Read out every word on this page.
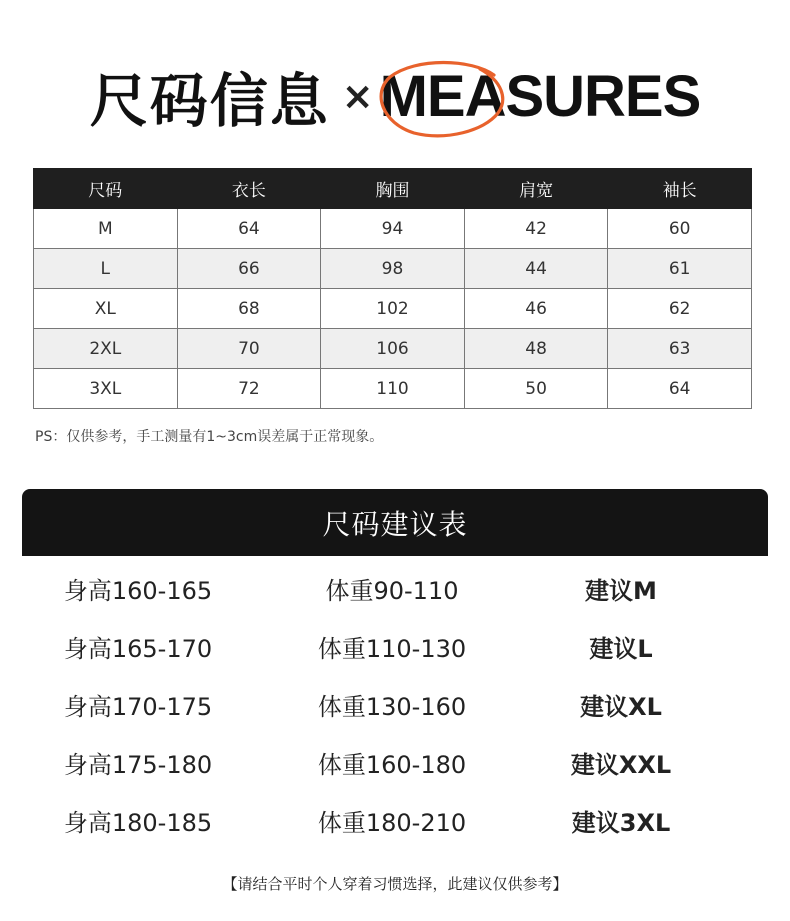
尺码信息 × MEASURES
尺码	衣长	胸围	肩宽	袖长
M	64	94	42	60
L	66	98	44	61
XL	68	102	46	62
2XL	70	106	48	63
3XL	72	110	50	64
PS：仅供参考，手工测量有1~3cm误差属于正常现象。
尺码建议表
身高160-165	体重90-110	建议M
身高165-170	体重110-130	建议L
身高170-175	体重130-160	建议XL
身高175-180	体重160-180	建议XXL
身高180-185	体重180-210	建议3XL
【请结合平时个人穿着习惯选择，此建议仅供参考】
